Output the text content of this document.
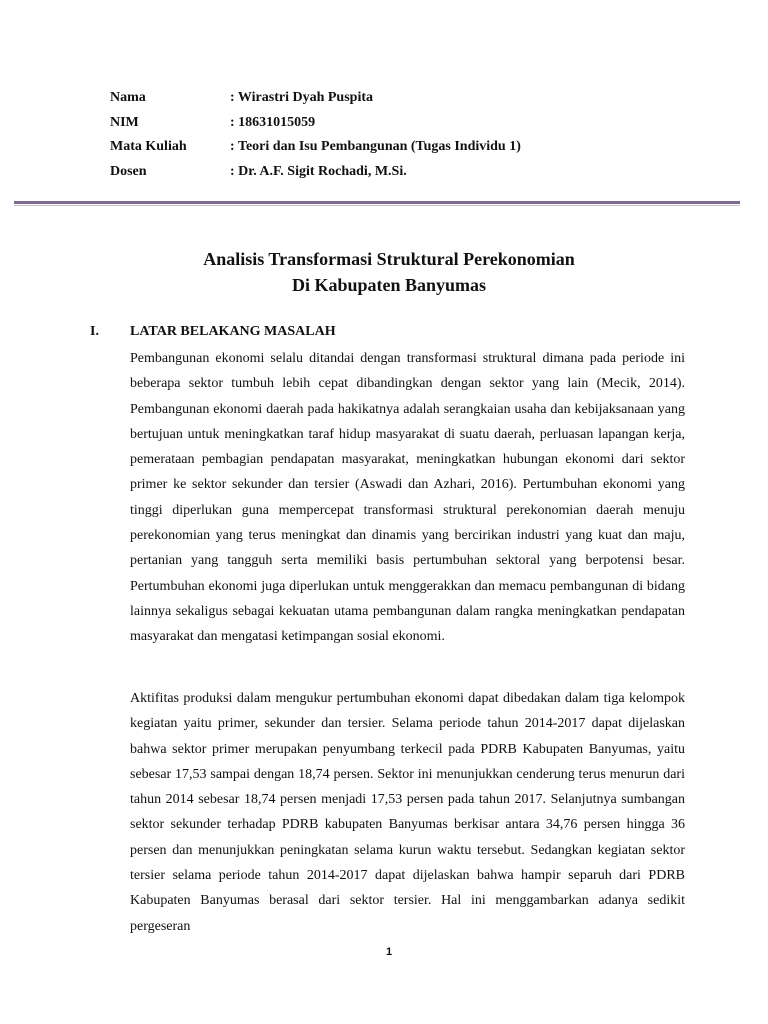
Nama	: Wirastri Dyah Puspita
NIM	: 18631015059
Mata Kuliah	: Teori dan Isu Pembangunan (Tugas Individu 1)
Dosen	: Dr. A.F. Sigit Rochadi, M.Si.
Analisis Transformasi Struktural Perekonomian
Di Kabupaten Banyumas
I.	LATAR BELAKANG MASALAH

Pembangunan ekonomi selalu ditandai dengan transformasi struktural dimana pada periode ini beberapa sektor tumbuh lebih cepat dibandingkan dengan sektor yang lain (Mecik, 2014). Pembangunan ekonomi daerah pada hakikatnya adalah serangkaian usaha dan kebijaksanaan yang bertujuan untuk meningkatkan taraf hidup masyarakat di suatu daerah, perluasan lapangan kerja, pemerataan pembagian pendapatan masyarakat, meningkatkan hubungan ekonomi dari sektor primer ke sektor sekunder dan tersier (Aswadi dan Azhari, 2016). Pertumbuhan ekonomi yang tinggi diperlukan guna mempercepat transformasi struktural perekonomian daerah menuju perekonomian yang terus meningkat dan dinamis yang bercirikan industri yang kuat dan maju, pertanian yang tangguh serta memiliki basis pertumbuhan sektoral yang berpotensi besar. Pertumbuhan ekonomi juga diperlukan untuk menggerakkan dan memacu pembangunan di bidang lainnya sekaligus sebagai kekuatan utama pembangunan dalam rangka meningkatkan pendapatan masyarakat dan mengatasi ketimpangan sosial ekonomi.

Aktifitas produksi dalam mengukur pertumbuhan ekonomi dapat dibedakan dalam tiga kelompok kegiatan yaitu primer, sekunder dan tersier. Selama periode tahun 2014-2017 dapat dijelaskan bahwa sektor primer merupakan penyumbang terkecil pada PDRB Kabupaten Banyumas, yaitu sebesar 17,53 sampai dengan 18,74 persen. Sektor ini menunjukkan cenderung terus menurun dari tahun 2014 sebesar 18,74 persen menjadi 17,53 persen pada tahun 2017. Selanjutnya sumbangan sektor sekunder terhadap PDRB kabupaten Banyumas berkisar antara 34,76 persen hingga 36 persen dan menunjukkan peningkatan selama kurun waktu tersebut. Sedangkan kegiatan sektor tersier selama periode tahun 2014-2017 dapat dijelaskan bahwa hampir separuh dari PDRB Kabupaten Banyumas berasal dari sektor tersier. Hal ini menggambarkan adanya sedikit pergeseran

1
